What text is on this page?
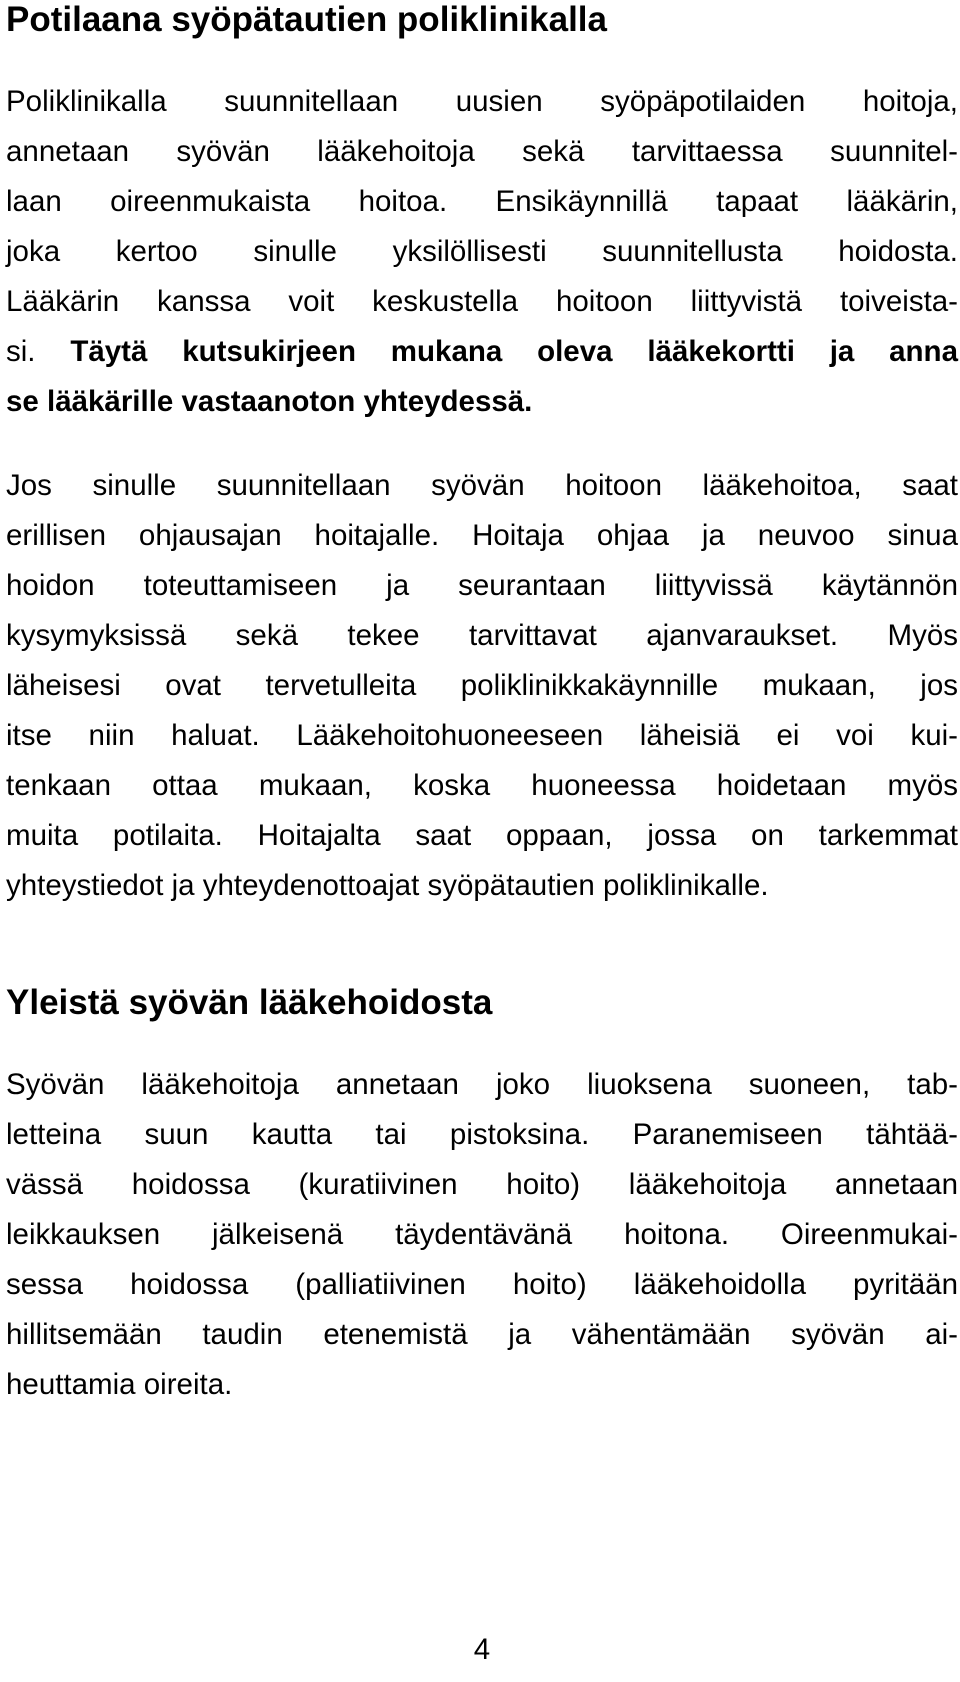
Potilaana syöpätautien poliklinikalla
Poliklinikalla suunnitellaan uusien syöpäpotilaiden hoitoja,
annetaan syövän lääkehoitoja sekä tarvittaessa suunnitel-
laan oireenmukaista hoitoa. Ensikäynnillä tapaat lääkärin,
joka kertoo sinulle yksilöllisesti suunnitellusta hoidosta.
Lääkärin kanssa voit keskustella hoitoon liittyvistä toiveista-
si. Täytä kutsukirjeen mukana oleva lääkekortti ja anna
se lääkärille vastaanoton yhteydessä.
Jos sinulle suunnitellaan syövän hoitoon lääkehoitoa, saat
erillisen ohjausajan hoitajalle. Hoitaja ohjaa ja neuvoo sinua
hoidon toteuttamiseen ja seurantaan liittyvissä käytännön
kysymyksissä sekä tekee tarvittavat ajanvaraukset. Myös
läheisesi ovat tervetulleita poliklinikkakäynnille mukaan, jos
itse niin haluat. Lääkehoitohuoneeseen läheisiä ei voi kui-
tenkaan ottaa mukaan, koska huoneessa hoidetaan myös
muita potilaita. Hoitajalta saat oppaan, jossa on tarkemmat
yhteystiedot ja yhteydenottoajat syöpätautien poliklinikalle.
Yleistä syövän lääkehoidosta
Syövän lääkehoitoja annetaan joko liuoksena suoneen, tab-
letteina suun kautta tai pistoksina. Paranemiseen tähtää-
vässä hoidossa (kuratiivinen hoito) lääkehoitoja annetaan
leikkauksen jälkeisenä täydentävänä hoitona. Oireenmukai-
sessa hoidossa (palliatiivinen hoito) lääkehoidolla pyritään
hillitsemään taudin etenemistä ja vähentämään syövän ai-
heuttamia oireita.
4
